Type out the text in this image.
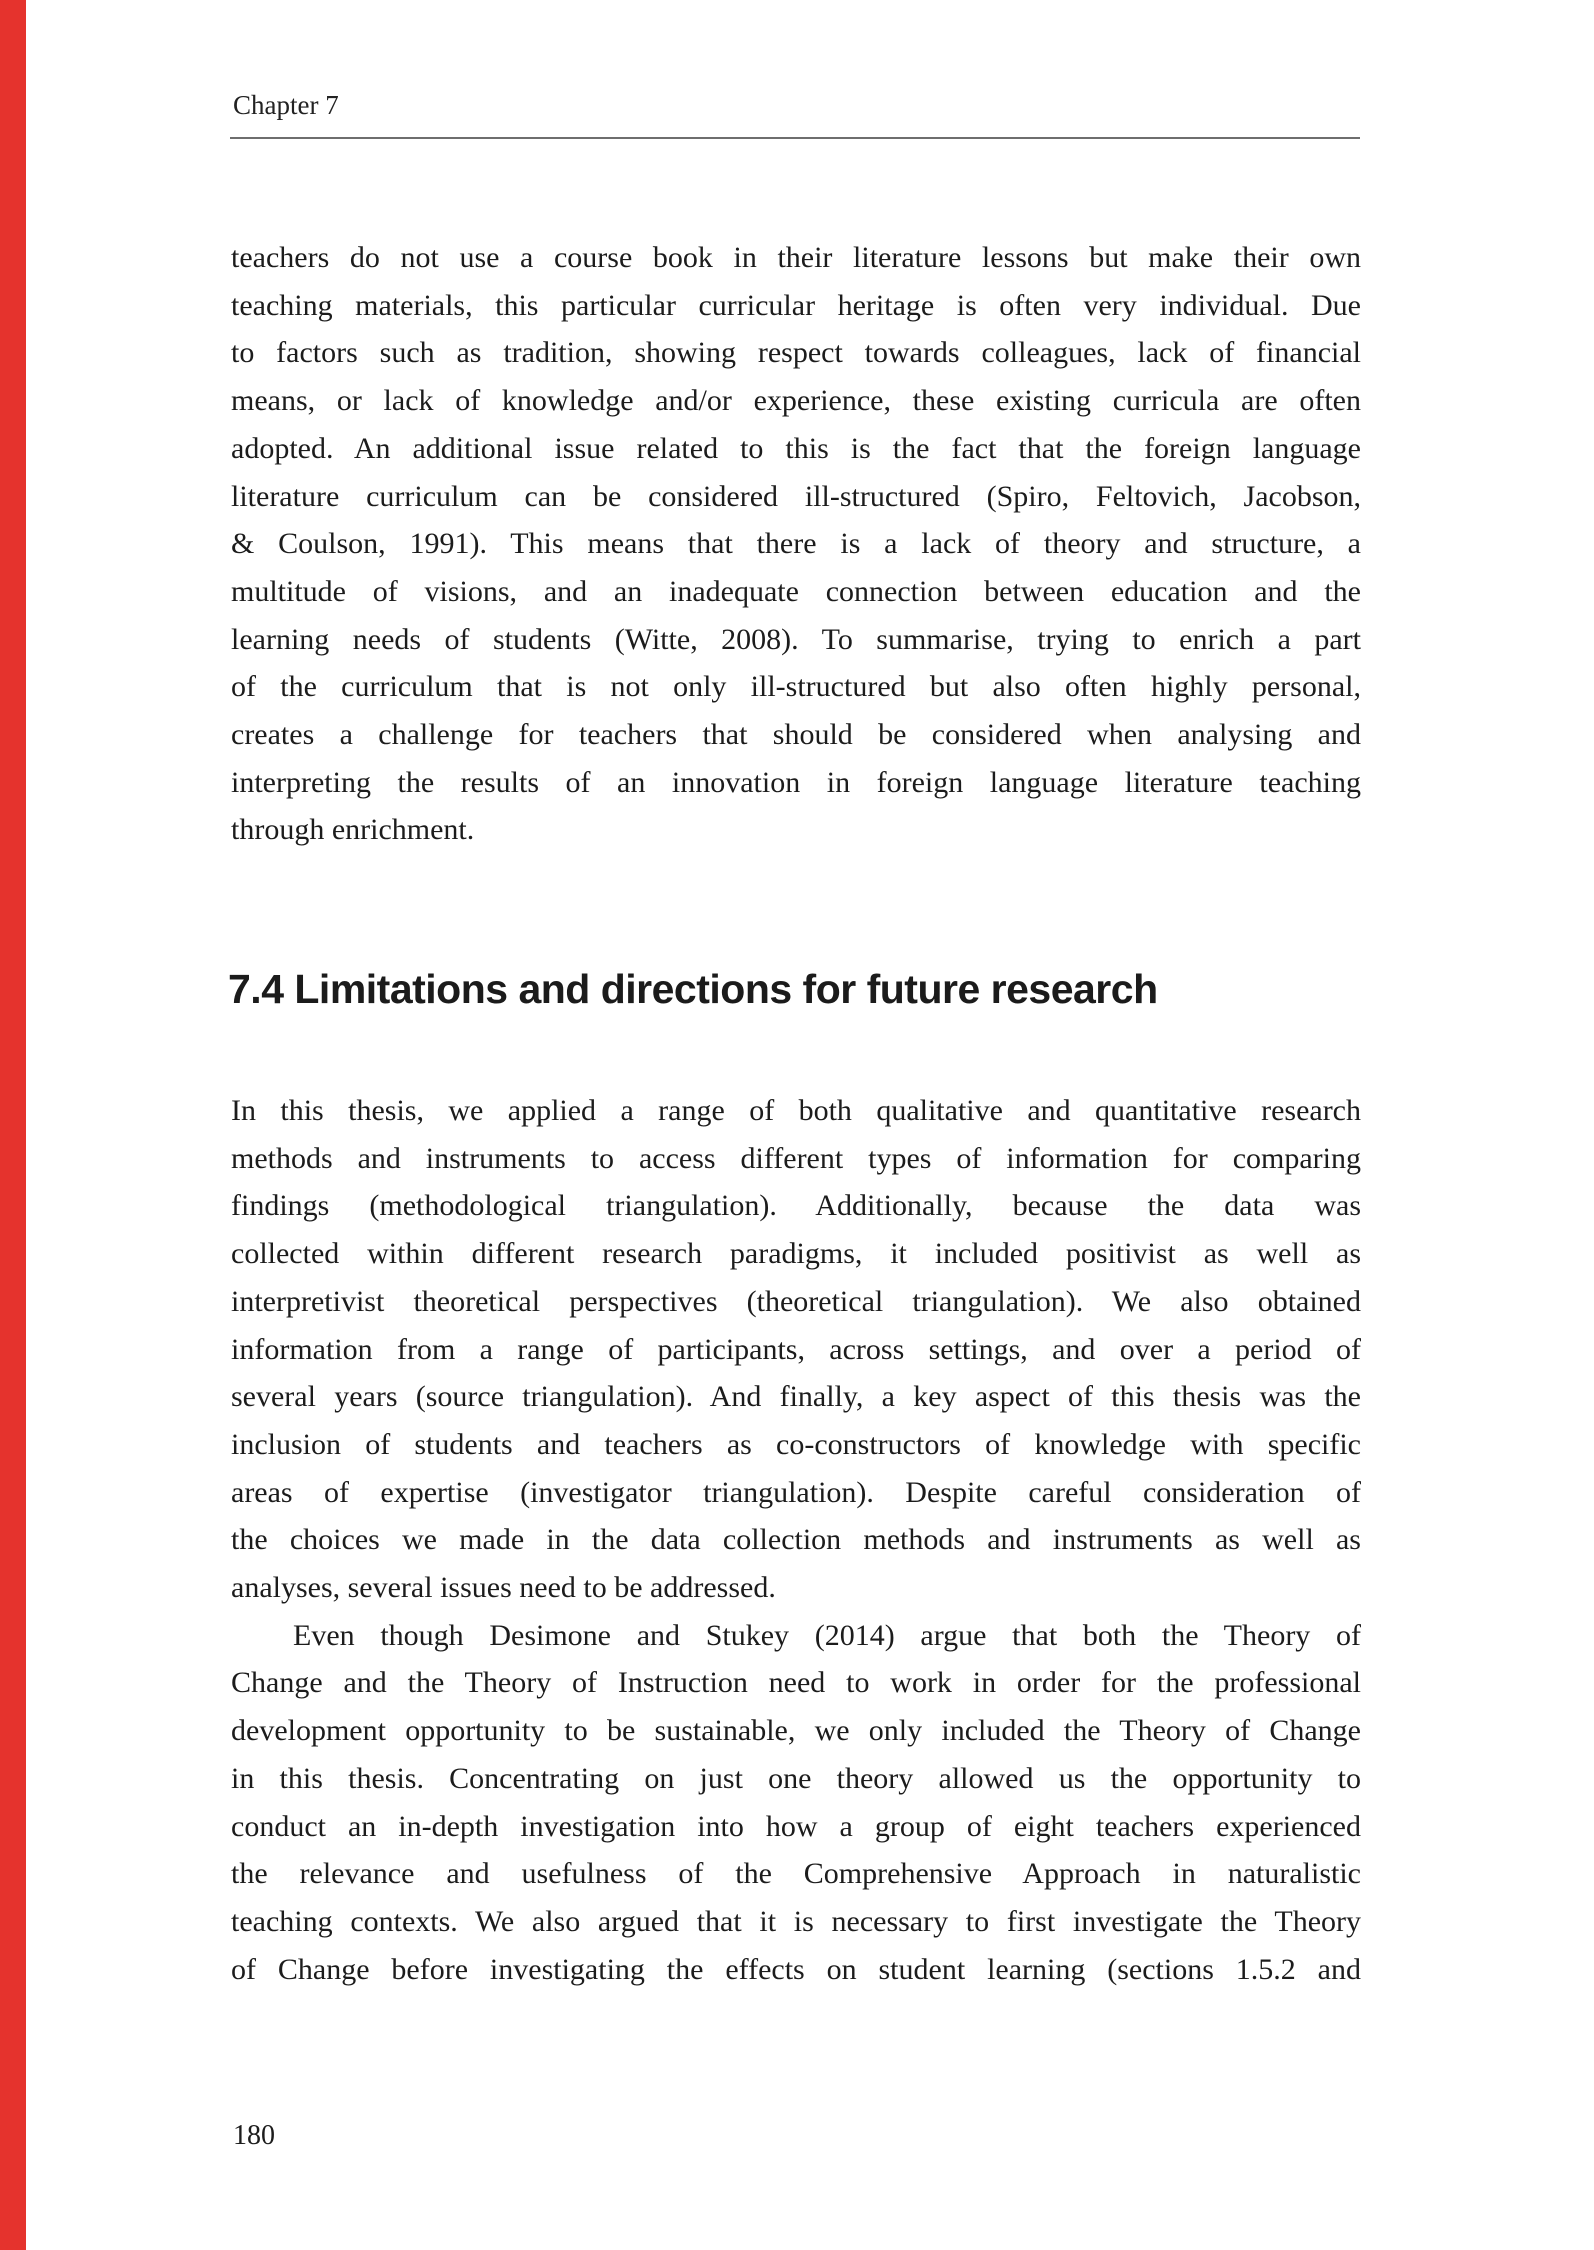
Chapter 7
teachers do not use a course book in their literature lessons but make their own
teaching materials, this particular curricular heritage is often very individual. Due
to factors such as tradition, showing respect towards colleagues, lack of financial
means, or lack of knowledge and/or experience, these existing curricula are often
adopted. An additional issue related to this is the fact that the foreign language
literature curriculum can be considered ill-structured (Spiro, Feltovich, Jacobson,
& Coulson, 1991). This means that there is a lack of theory and structure, a
multitude of visions, and an inadequate connection between education and the
learning needs of students (Witte, 2008). To summarise, trying to enrich a part
of the curriculum that is not only ill-structured but also often highly personal,
creates a challenge for teachers that should be considered when analysing and
interpreting the results of an innovation in foreign language literature teaching
through enrichment.
7.4 Limitations and directions for future research
In this thesis, we applied a range of both qualitative and quantitative research
methods and instruments to access different types of information for comparing
findings (methodological triangulation). Additionally, because the data was
collected within different research paradigms, it included positivist as well as
interpretivist theoretical perspectives (theoretical triangulation). We also obtained
information from a range of participants, across settings, and over a period of
several years (source triangulation). And finally, a key aspect of this thesis was the
inclusion of students and teachers as co-constructors of knowledge with specific
areas of expertise (investigator triangulation). Despite careful consideration of
the choices we made in the data collection methods and instruments as well as
analyses, several issues need to be addressed.
Even though Desimone and Stukey (2014) argue that both the Theory of
Change and the Theory of Instruction need to work in order for the professional
development opportunity to be sustainable, we only included the Theory of Change
in this thesis. Concentrating on just one theory allowed us the opportunity to
conduct an in-depth investigation into how a group of eight teachers experienced
the relevance and usefulness of the Comprehensive Approach in naturalistic
teaching contexts. We also argued that it is necessary to first investigate the Theory
of Change before investigating the effects on student learning (sections 1.5.2 and
180
